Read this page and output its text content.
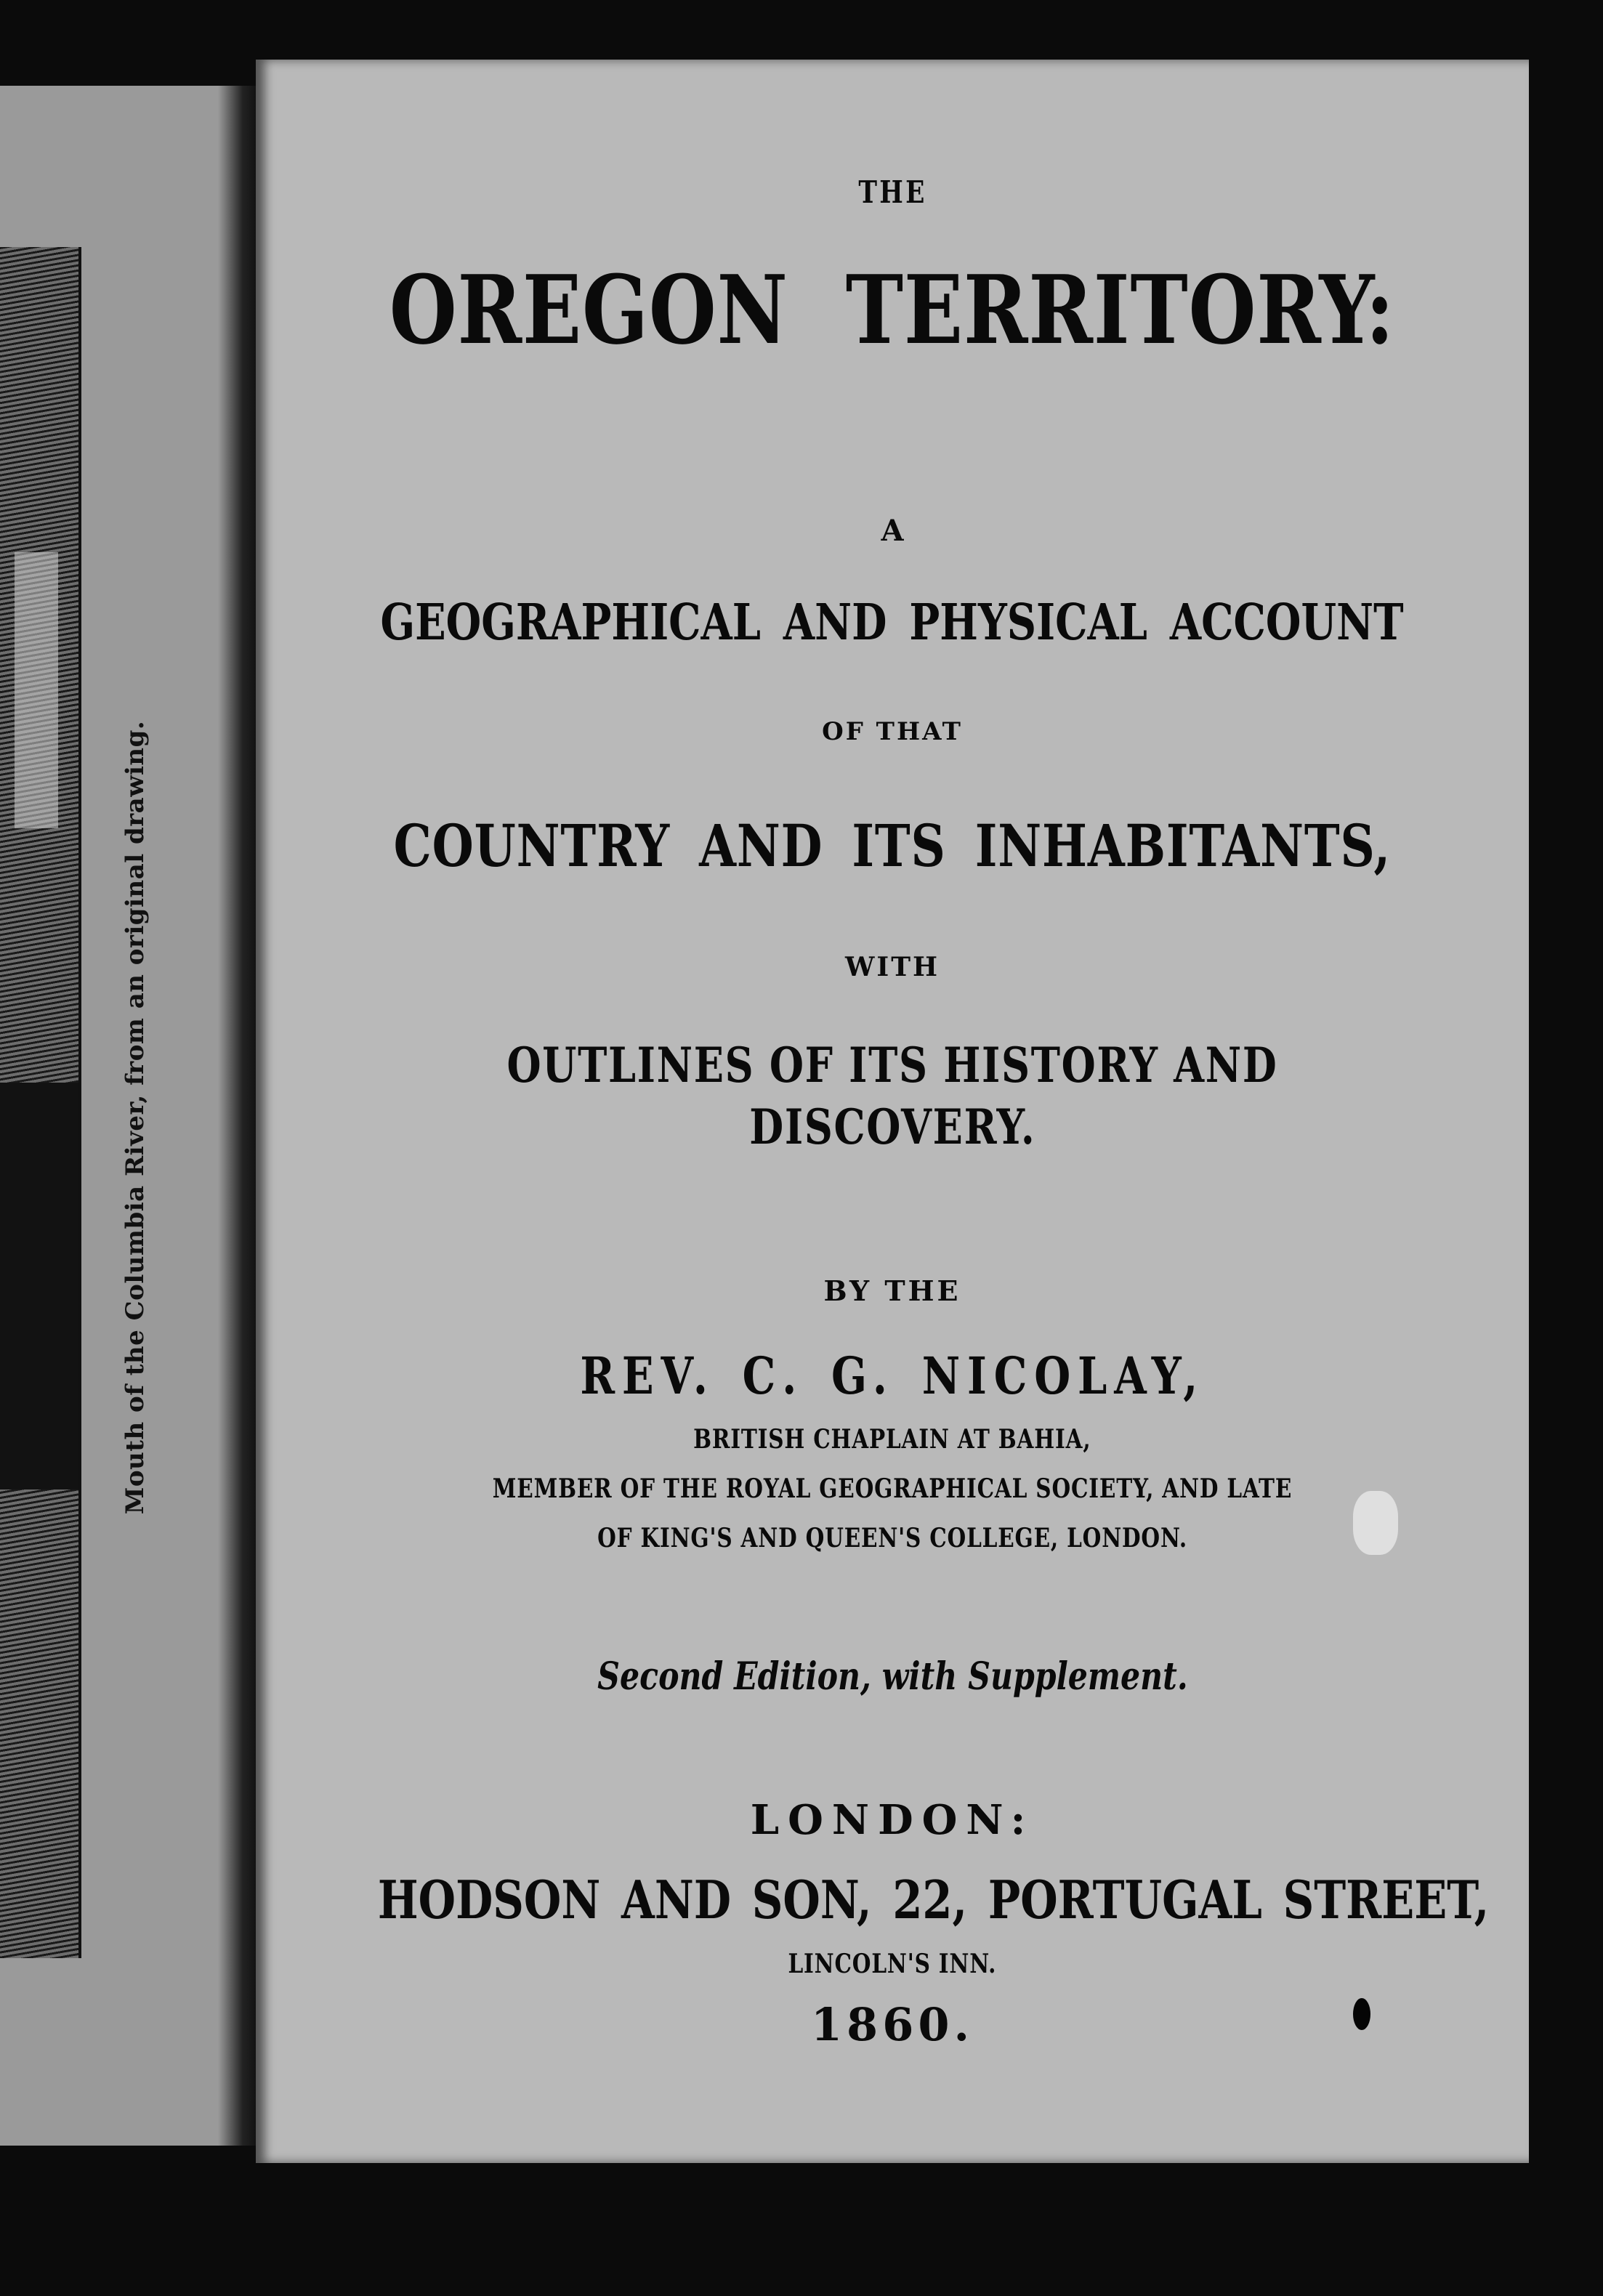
Mouth of the Columbia River, from an original drawing.
THE
OREGON TERRITORY:
A
GEOGRAPHICAL AND PHYSICAL ACCOUNT
OF THAT
COUNTRY AND ITS INHABITANTS,
WITH
OUTLINES OF ITS HISTORY AND
DISCOVERY.
BY THE
REV. C. G. NICOLAY,
BRITISH CHAPLAIN AT BAHIA,
MEMBER OF THE ROYAL GEOGRAPHICAL SOCIETY, AND LATE
OF KING'S AND QUEEN'S COLLEGE, LONDON.
Second Edition, with Supplement.
LONDON:
HODSON AND SON, 22, PORTUGAL STREET,
LINCOLN'S INN.
1860.
